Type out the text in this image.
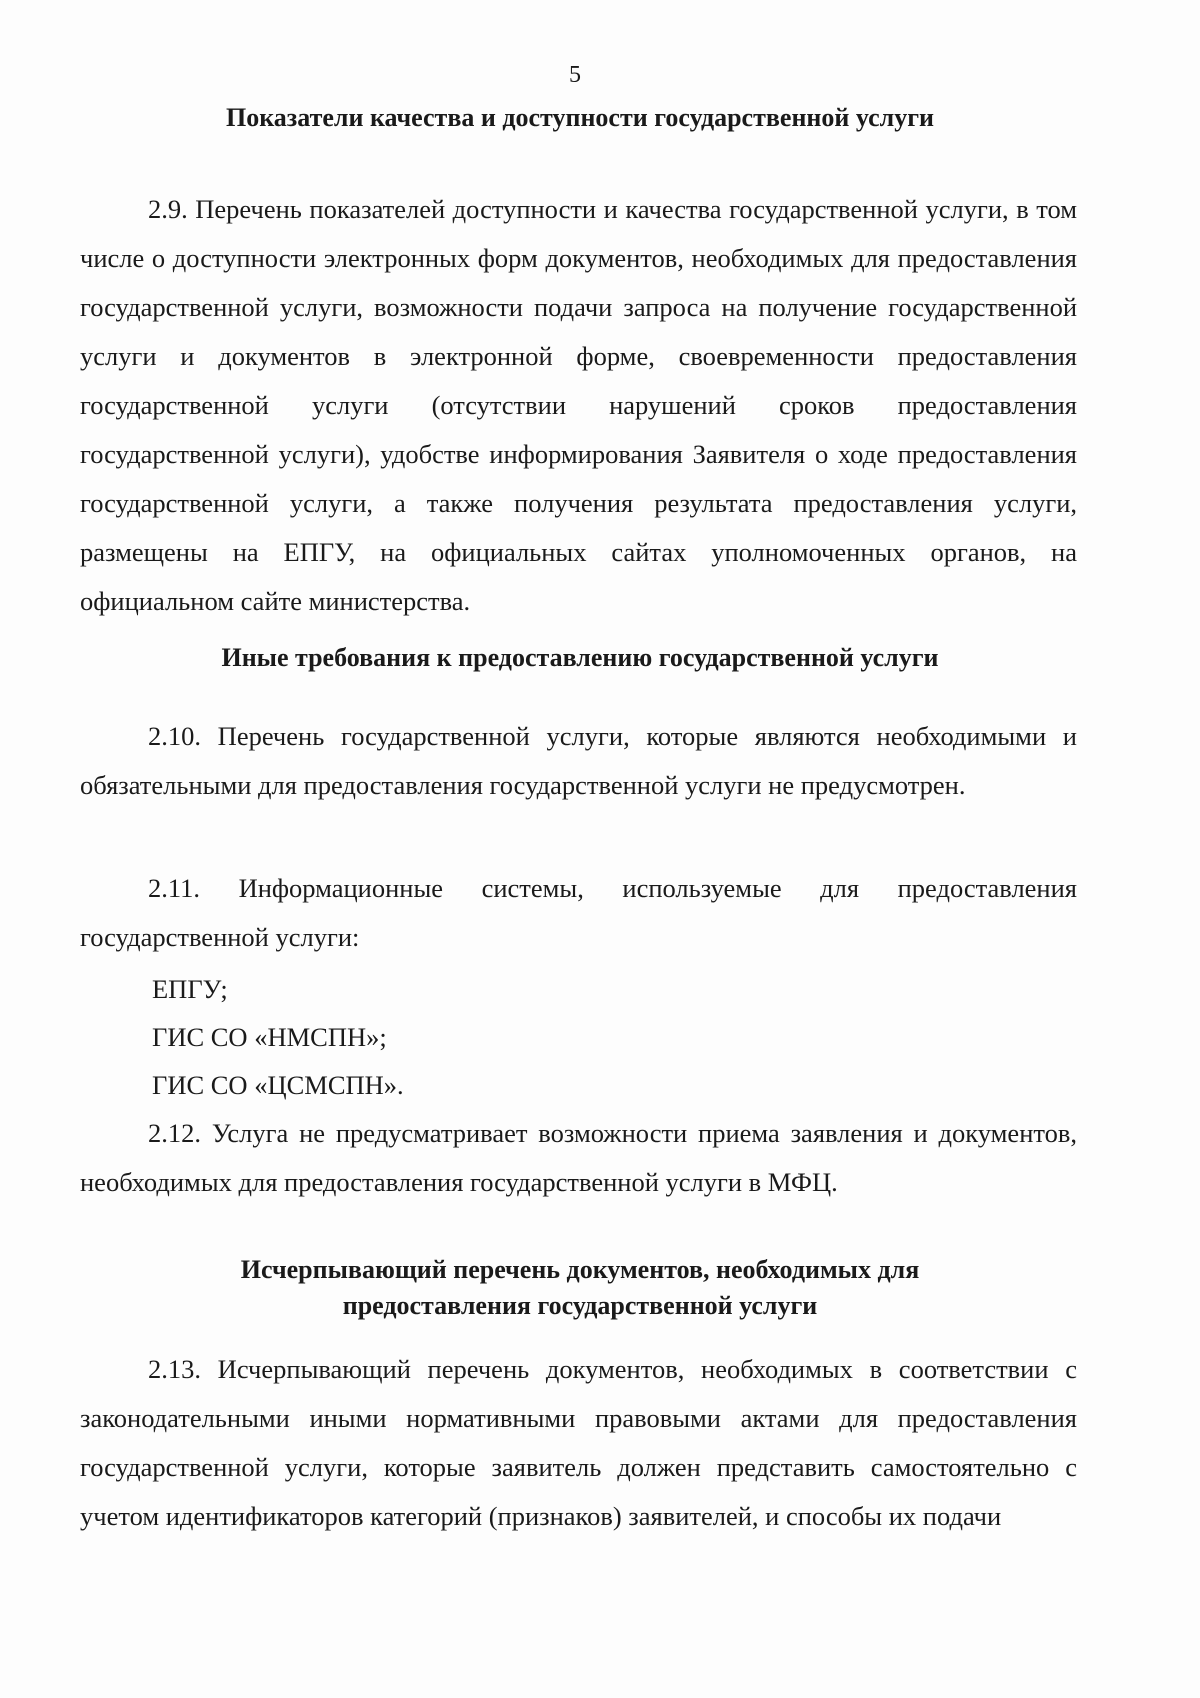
5
Показатели качества и доступности государственной услуги

2.9. Перечень показателей доступности и качества государственной услуги, в том числе о доступности электронных форм документов, необходимых для предоставления государственной услуги, возможности подачи запроса на получение государственной услуги и документов в электронной форме, своевременности предоставления государственной услуги (отсутствии нарушений сроков предоставления государственной услуги), удобстве информирования Заявителя о ходе предоставления государственной услуги, а также получения результата предоставления услуги, размещены на ЕПГУ, на официальных сайтах уполномоченных органов, на официальном сайте министерства.

Иные требования к предоставлению государственной услуги

2.10. Перечень государственной услуги, которые являются необходимыми и обязательными для предоставления государственной услуги не предусмотрен.

2.11. Информационные системы, используемые для предоставления государственной услуги:

ЕПГУ;
ГИС СО «НМСПН»;
ГИС СО «ЦСМСПН».

2.12. Услуга не предусматривает возможности приема заявления и документов, необходимых для предоставления государственной услуги в МФЦ.

Исчерпывающий перечень документов, необходимых для
предоставления государственной услуги

2.13. Исчерпывающий перечень документов, необходимых в соответствии с законодательными иными нормативными правовыми актами для предоставления государственной услуги, которые заявитель должен представить самостоятельно с учетом идентификаторов категорий (признаков) заявителей, и способы их подачи
